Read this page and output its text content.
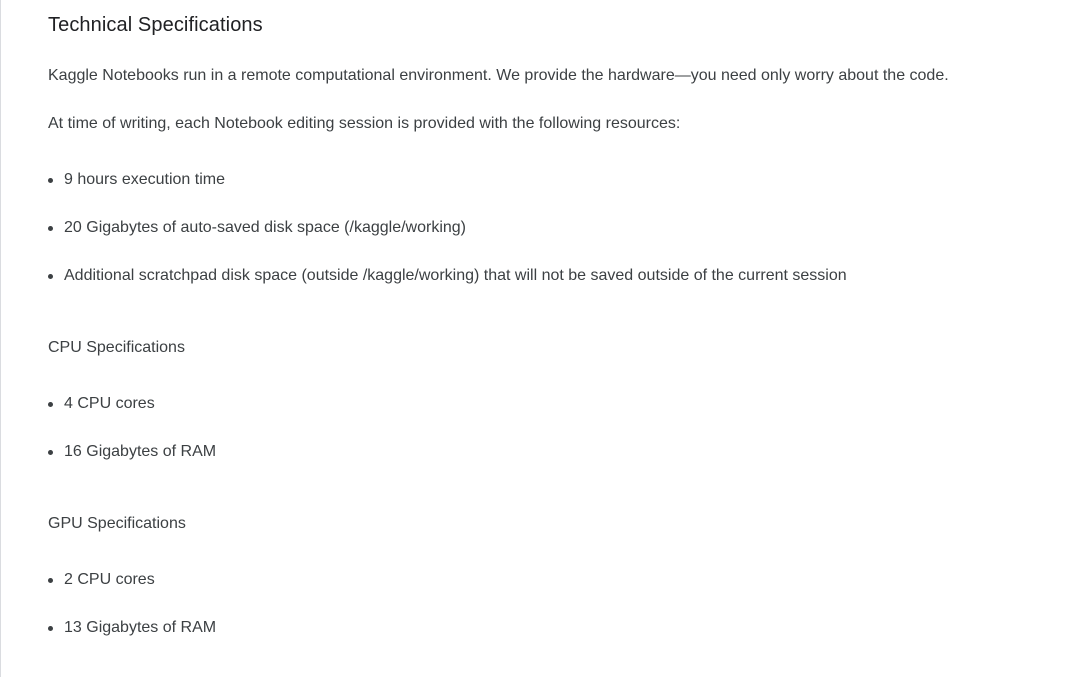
Technical Specifications

Kaggle Notebooks run in a remote computational environment. We provide the hardware—you need only worry about the code.

At time of writing, each Notebook editing session is provided with the following resources:

9 hours execution time
20 Gigabytes of auto-saved disk space (/kaggle/working)
Additional scratchpad disk space (outside /kaggle/working) that will not be saved outside of the current session
CPU Specifications
4 CPU cores
16 Gigabytes of RAM
GPU Specifications
2 CPU cores
13 Gigabytes of RAM
